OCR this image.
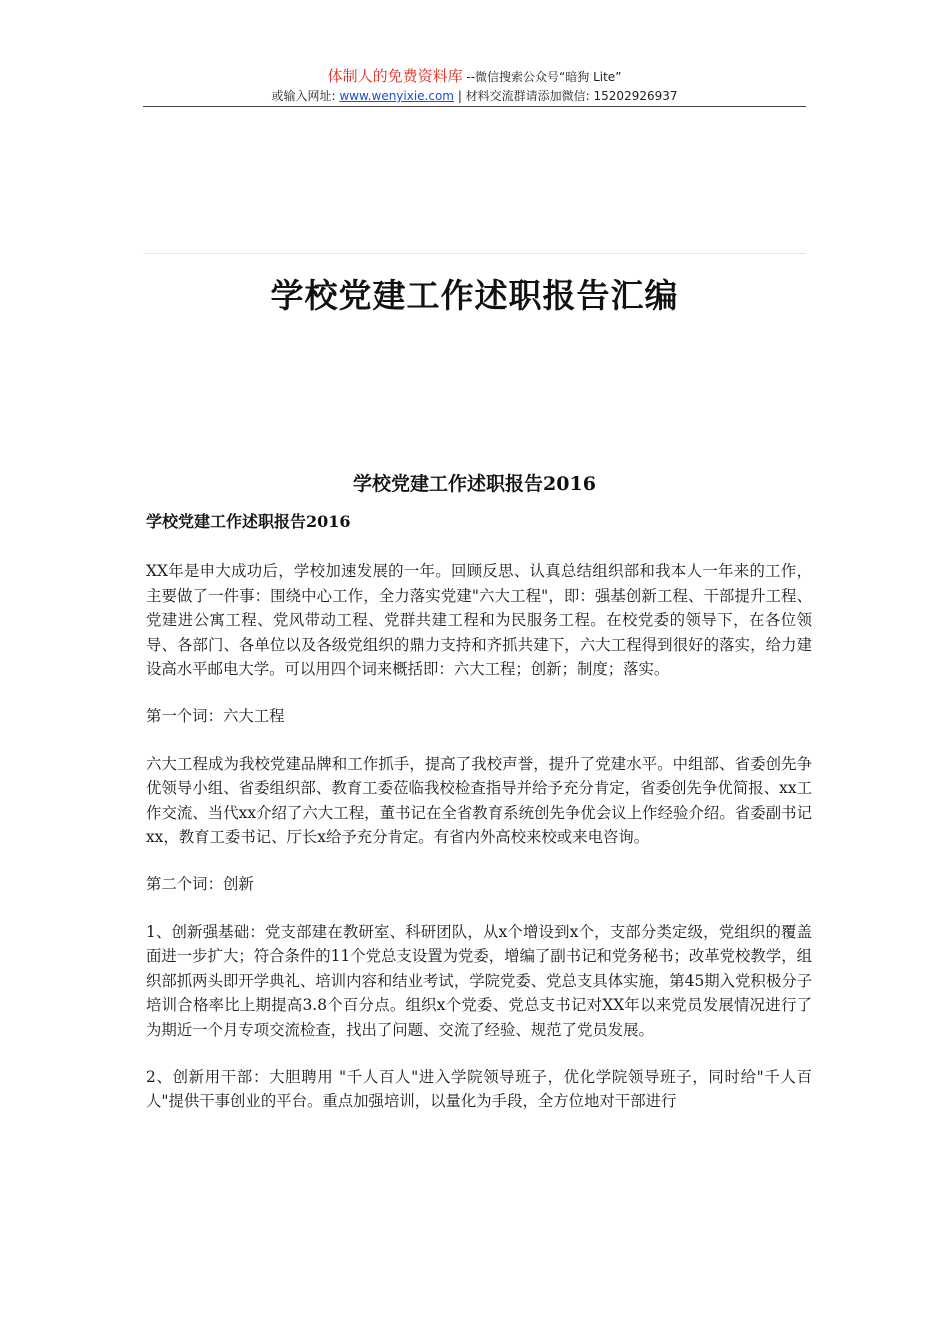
体制人的免费资料库 --微信搜索公众号“暗狗 Lite”
或输入网址: www.wenyixie.com | 材料交流群请添加微信: 15202926937
学校党建工作述职报告汇编
学校党建工作述职报告2016

学校党建工作述职报告2016

XX年是申大成功后，学校加速发展的一年。回顾反思、认真总结组织部和我本人一年来的工作，主要做了一件事：围绕中心工作，全力落实党建"六大工程"，即：强基创新工程、干部提升工程、党建进公寓工程、党风带动工程、党群共建工程和为民服务工程。在校党委的领导下，在各位领导、各部门、各单位以及各级党组织的鼎力支持和齐抓共建下，六大工程得到很好的落实，给力建设高水平邮电大学。可以用四个词来概括即：六大工程；创新；制度；落实。

第一个词：六大工程

六大工程成为我校党建品牌和工作抓手，提高了我校声誉，提升了党建水平。中组部、省委创先争优领导小组、省委组织部、教育工委莅临我校检查指导并给予充分肯定，省委创先争优简报、xx工作交流、当代xx介绍了六大工程，董书记在全省教育系统创先争优会议上作经验介绍。省委副书记xx，教育工委书记、厅长x给予充分肯定。有省内外高校来校或来电咨询。

第二个词：创新

1、创新强基础：党支部建在教研室、科研团队，从x个增设到x个，支部分类定级，党组织的覆盖面进一步扩大；符合条件的11个党总支设置为党委，增编了副书记和党务秘书；改革党校教学，组织部抓两头即开学典礼、培训内容和结业考试，学院党委、党总支具体实施，第45期入党积极分子培训合格率比上期提高3.8个百分点。组织x个党委、党总支书记对XX年以来党员发展情况进行了为期近一个月专项交流检查，找出了问题、交流了经验、规范了党员发展。

2、创新用干部：大胆聘用 "千人百人"进入学院领导班子，优化学院领导班子，同时给"千人百人"提供干事创业的平台。重点加强培训，以量化为手段，全方位地对干部进行
